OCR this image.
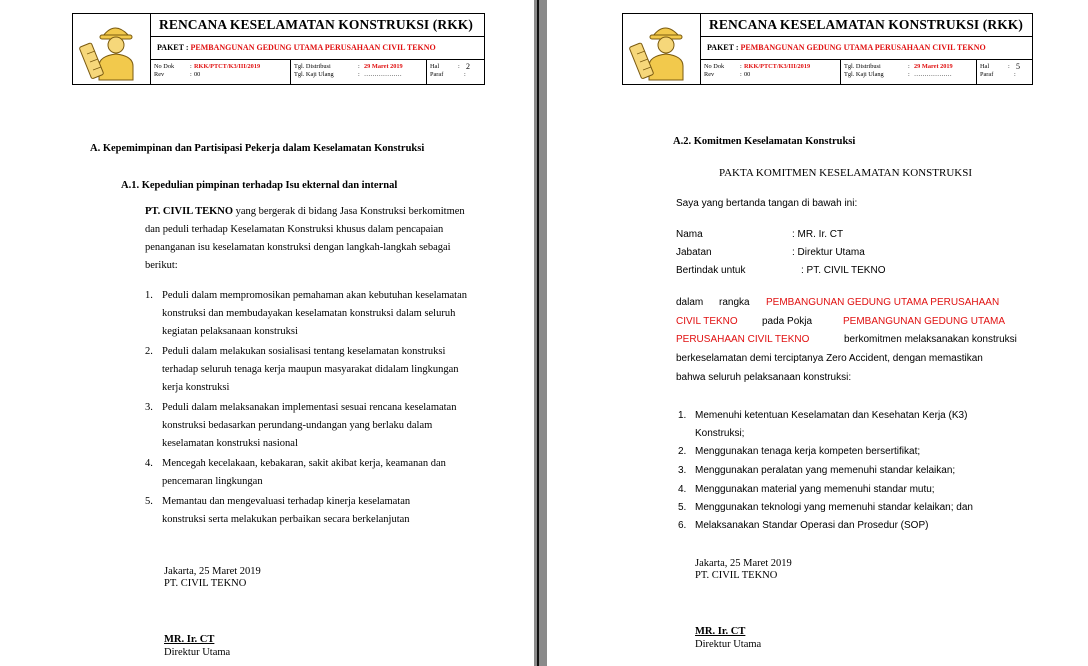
RENCANA KESELAMATAN KONSTRUKSI (RKK)
PAKET : PEMBANGUNAN GEDUNG UTAMA PERUSAHAAN CIVIL TEKNO
No Dok	: RKK/PTCT/K3/III/2019
Rev	: 00
Tgl. Distribusi	: 29 Maret 2019
Tgl. Kaji Ulang	: ………………
Hal	: 2
Paraf	:
A. Kepemimpinan dan Partisipasi Pekerja dalam Keselamatan Konstruksi
A.1. Kepedulian pimpinan terhadap Isu ekternal dan internal
PT. CIVIL TEKNO yang bergerak di bidang Jasa Konstruksi berkomitmen
dan peduli terhadap Keselamatan Konstruksi khusus dalam pencapaian
penanganan isu keselamatan konstruksi dengan langkah-langkah sebagai
berikut:
1. Peduli dalam mempromosikan pemahaman akan kebutuhan keselamatan
konstruksi dan membudayakan keselamatan konstruksi dalam seluruh
kegiatan pelaksanaan konstruksi
2. Peduli dalam melakukan sosialisasi tentang keselamatan konstruksi
terhadap seluruh tenaga kerja maupun masyarakat didalam lingkungan
kerja konstruksi
3. Peduli dalam melaksanakan implementasi sesuai rencana keselamatan
konstruksi bedasarkan perundang-undangan yang berlaku dalam
keselamatan konstruksi nasional
4. Mencegah kecelakaan, kebakaran, sakit akibat kerja, keamanan dan
pencemaran lingkungan
5. Memantau dan mengevaluasi terhadap kinerja keselamatan
konstruksi serta melakukan perbaikan secara berkelanjutan
Jakarta, 25 Maret 2019
PT. CIVIL TEKNO
MR. Ir. CT
Direktur Utama
RENCANA KESELAMATAN KONSTRUKSI (RKK)
PAKET : PEMBANGUNAN GEDUNG UTAMA PERUSAHAAN CIVIL TEKNO
No Dok	: RKK/PTCT/K3/III/2019
Rev	: 00
Tgl. Distribusi	: 29 Maret 2019
Tgl. Kaji Ulang	: ………………
Hal	: 5
Paraf	:
A.2. Komitmen Keselamatan Konstruksi
PAKTA KOMITMEN KESELAMATAN KONSTRUKSI
Saya yang bertanda tangan di bawah ini:
Nama	: MR. Ir. CT
Jabatan	: Direktur Utama
Bertindak untuk	: PT. CIVIL TEKNO
dalam rangka PEMBANGUNAN GEDUNG UTAMA PERUSAHAAN
CIVIL TEKNO pada Pokja	PEMBANGUNAN GEDUNG UTAMA
PERUSAHAAN CIVIL TEKNO	berkomitmen melaksanakan konstruksi
berkeselamatan demi terciptanya Zero Accident, dengan memastikan
bahwa seluruh pelaksanaan konstruksi:
1. Memenuhi ketentuan Keselamatan dan Kesehatan Kerja (K3)
Konstruksi;
2. Menggunakan tenaga kerja kompeten bersertifikat;
3. Menggunakan peralatan yang memenuhi standar kelaikan;
4. Menggunakan material yang memenuhi standar mutu;
5. Menggunakan teknologi yang memenuhi standar kelaikan; dan
6. Melaksanakan Standar Operasi dan Prosedur (SOP)
Jakarta, 25 Maret 2019
PT. CIVIL TEKNO
MR. Ir. CT
Direktur Utama
